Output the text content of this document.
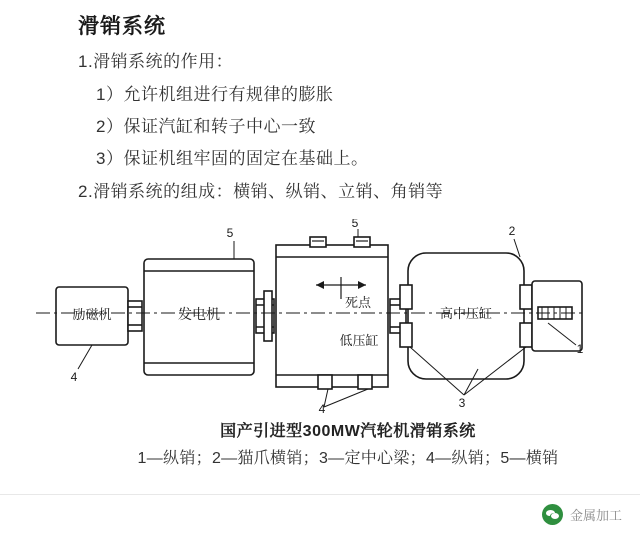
滑销系统

1.滑销系统的作用：

1）允许机组进行有规律的膨胀

2）保证汽缸和转子中心一致

3）保证机组牢固的固定在基础上。

2.滑销系统的组成：横销、纵销、立销、角销等

励磁机	发电机
低压缸
高中压缸
死点
5
5
2
4
4	3
1
国产引进型300MW汽轮机滑销系统
1—纵销；2—猫爪横销；3—定中心梁；4—纵销；5—横销
金属加工
